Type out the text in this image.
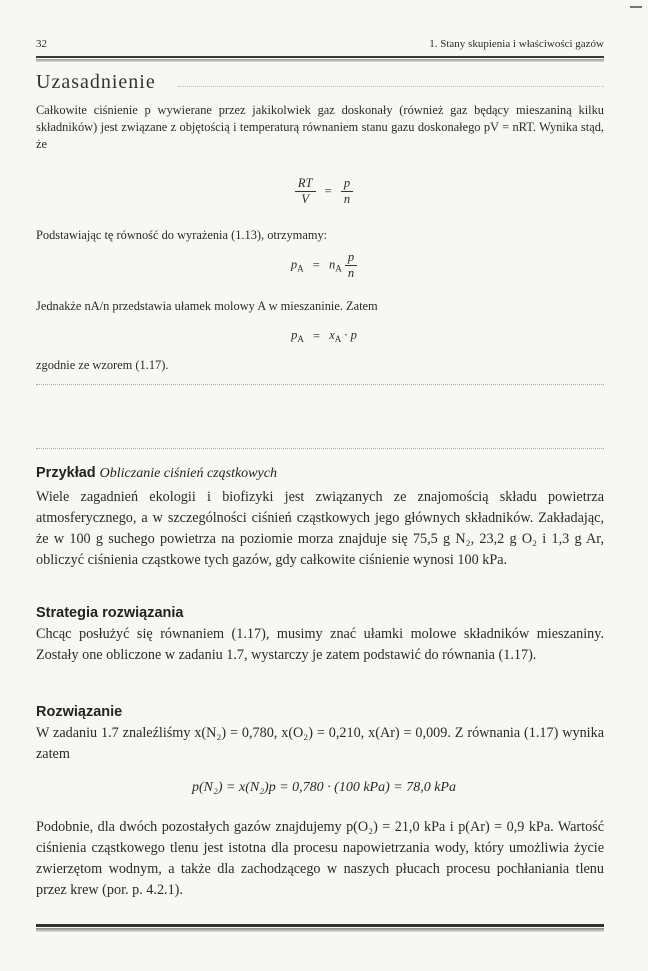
32	1. Stany skupienia i właściwości gazów
Uzasadnienie
Całkowite ciśnienie p wywierane przez jakikolwiek gaz doskonały (również gaz będący mieszaniną kilku składników) jest związane z objętością i temperaturą równaniem stanu gazu doskonałego pV = nRT. Wynika stąd, że
$\frac{RT}{V} = \frac{p}{n}$
Podstawiając tę równość do wyrażenia (1.13), otrzymamy:
$p_A = n_A \frac{p}{n}$
Jednakże nA/n przedstawia ułamek molowy A w mieszaninie. Zatem
$p_A = x_A \cdot p$
zgodnie ze wzorem (1.17).
Przykład Obliczanie ciśnień cząstkowych
Wiele zagadnień ekologii i biofizyki jest związanych ze znajomością składu powietrza atmosferycznego, a w szczególności ciśnień cząstkowych jego głównych składników. Zakładając, że w 100 g suchego powietrza na poziomie morza znajduje się 75,5 g N₂, 23,2 g O₂ i 1,3 g Ar, obliczyć ciśnienia cząstkowe tych gazów, gdy całkowite ciśnienie wynosi 100 kPa.
Strategia rozwiązania
Chcąc posłużyć się równaniem (1.17), musimy znać ułamki molowe składników mieszaniny. Zostały one obliczone w zadaniu 1.7, wystarczy je zatem podstawić do równania (1.17).
Rozwiązanie
W zadaniu 1.7 znaleźliśmy x(N₂) = 0,780, x(O₂) = 0,210, x(Ar) = 0,009. Z równania (1.17) wynika zatem
p(N₂) = x(N₂)p = 0,780 · (100 kPa) = 78,0 kPa
Podobnie, dla dwóch pozostałych gazów znajdujemy p(O₂) = 21,0 kPa i p(Ar) = 0,9 kPa. Wartość ciśnienia cząstkowego tlenu jest istotna dla procesu napowietrzania wody, który umożliwia życie zwierzętom wodnym, a także dla zachodzącego w naszych płucach procesu pochłaniania tlenu przez krew (por. p. 4.2.1).
